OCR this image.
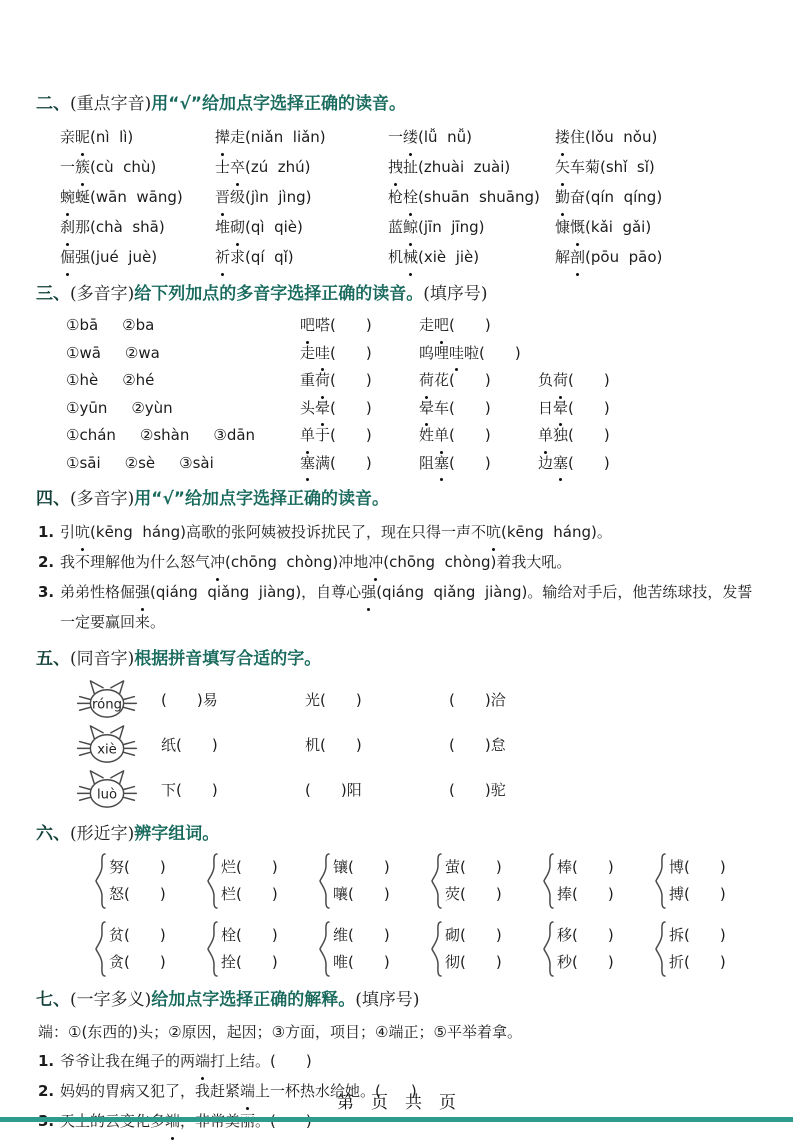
二、(重点字音)用“√”给加点字选择正确的读音。
亲昵(nì  lì)	撵走(niǎn  liǎn)	一缕(lǚ  nǚ)	搂住(lǒu  nǒu)
一簇(cù  chù)	士卒(zú  zhú)	拽扯(zhuài  zuài)	矢车菊(shǐ  sǐ)
蜿蜒(wān  wāng)	晋级(jìn  jìng)	枪栓(shuān  shuāng)	勤奋(qín  qíng)
刹那(chà  shā)	堆砌(qì  qiè)	蓝鲸(jīn  jīng)	慷慨(kǎi  gǎi)
倔强(jué  juè)	祈求(qí  qǐ)	机械(xiè  jiè)	解剖(pōu  pāo)
三、(多音字)给下列加点的多音字选择正确的读音。(填序号)
①bā ②ba	吧嗒(　　)	走吧(　　)
①wā ②wa	走哇(　　)	呜哩哇啦(　　)
①hè ②hé	重荷(　　)	荷花(　　)	负荷(　　)
①yūn ②yùn	头晕(　　)	晕车(　　)	日晕(　　)
①chán ②shàn ③dān	单于(　　)	姓单(　　)	单独(　　)
①sāi ②sè ③sài	塞满(　　)	阻塞(　　)	边塞(　　)
四、(多音字)用“√”给加点字选择正确的读音。
1. 引吭(kēng  háng)高歌的张阿姨被投诉扰民了，现在只得一声不吭(kēng  háng)。
2. 我不理解他为什么怒气冲(chōng  chòng)冲地冲(chōng  chòng)着我大吼。
3. 弟弟性格倔强(qiáng  qiǎng  jiàng)，自尊心强(qiáng  qiǎng  jiàng)。输给对手后，他苦练球技，发誓一定要赢回来。
五、(同音字)根据拼音填写合适的字。
róng	(　　)易	光(　　)	(　　)洽
xiè	纸(　　)	机(　　)	(　　)怠
luò	下(　　)	(　　)阳	(　　)驼
六、(形近字)辨字组词。
努(　　)
怒(　　)
烂(　　)
栏(　　)
镶(　　)
嚷(　　)
萤(　　)
荧(　　)
棒(　　)
捧(　　)
博(　　)
搏(　　)
贫(　　)
贪(　　)
栓(　　)
拴(　　)
维(　　)
唯(　　)
砌(　　)
彻(　　)
移(　　)
秒(　　)
拆(　　)
折(　　)
七、(一字多义)给加点字选择正确的解释。(填序号)
端：①(东西的)头；②原因，起因；③方面，项目；④端正；⑤平举着拿。
1. 爷爷让我在绳子的两端打上结。(　　)
2. 妈妈的胃病又犯了，我赶紧端上一杯热水给她。(　　)
第　页　共　页
